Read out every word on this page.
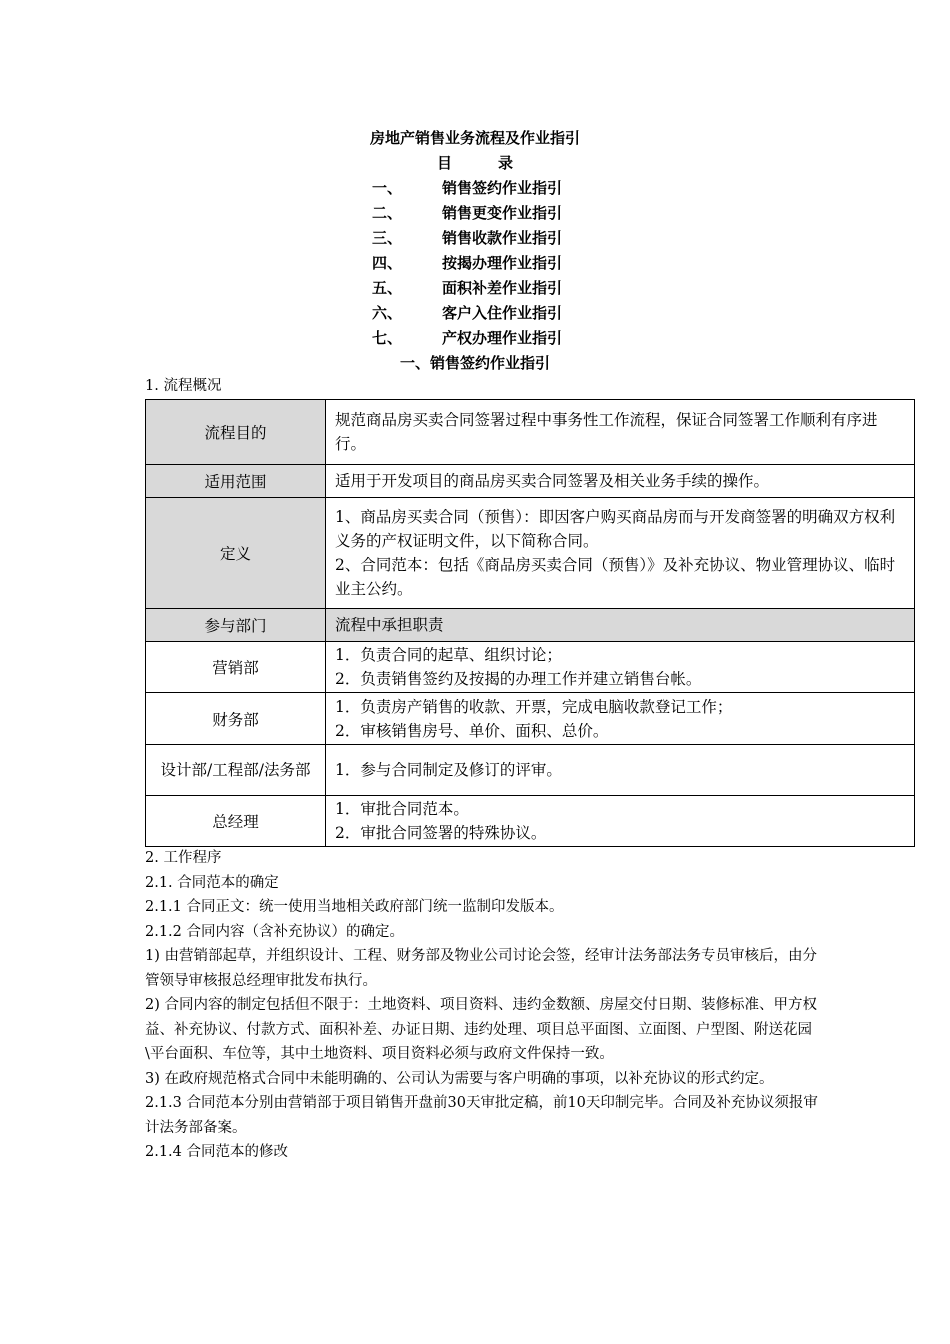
房地产销售业务流程及作业指引
目	录
一、	销售签约作业指引
二、	销售更变作业指引
三、	销售收款作业指引
四、	按揭办理作业指引
五、	面积补差作业指引
六、	客户入住作业指引
七、	产权办理作业指引
一、销售签约作业指引
1. 流程概况
流程目的	规范商品房买卖合同签署过程中事务性工作流程，保证合同签署工作顺利有序进行。
适用范围	适用于开发项目的商品房买卖合同签署及相关业务手续的操作。
定义	1、商品房买卖合同（预售）：即因客户购买商品房而与开发商签署的明确双方权利义务的产权证明文件，以下简称合同。
2、合同范本：包括《商品房买卖合同（预售）》及补充协议、物业管理协议、临时业主公约。

参与部门	流程中承担职责
营销部	1．负责合同的起草、组织讨论；
2．负责销售签约及按揭的办理工作并建立销售台帐。

财务部	1．负责房产销售的收款、开票，完成电脑收款登记工作；
2．审核销售房号、单价、面积、总价。

设计部/工程部/法务部	1．参与合同制定及修订的评审。

总经理	1．审批合同范本。
2．审批合同签署的特殊协议。
2. 工作程序
2.1. 合同范本的确定
2.1.1 合同正文：统一使用当地相关政府部门统一监制印发版本。
2.1.2 合同内容（含补充协议）的确定。
1) 由营销部起草，并组织设计、工程、财务部及物业公司讨论会签，经审计法务部法务专员审核后，由分管领导审核报总经理审批发布执行。
2) 合同内容的制定包括但不限于：土地资料、项目资料、违约金数额、房屋交付日期、装修标准、甲方权益、补充协议、付款方式、面积补差、办证日期、违约处理、项目总平面图、立面图、户型图、附送花园\平台面积、车位等，其中土地资料、项目资料必须与政府文件保持一致。
3) 在政府规范格式合同中未能明确的、公司认为需要与客户明确的事项，以补充协议的形式约定。
2.1.3 合同范本分别由营销部于项目销售开盘前30天审批定稿，前10天印制完毕。合同及补充协议须报审计法务部备案。
2.1.4 合同范本的修改
